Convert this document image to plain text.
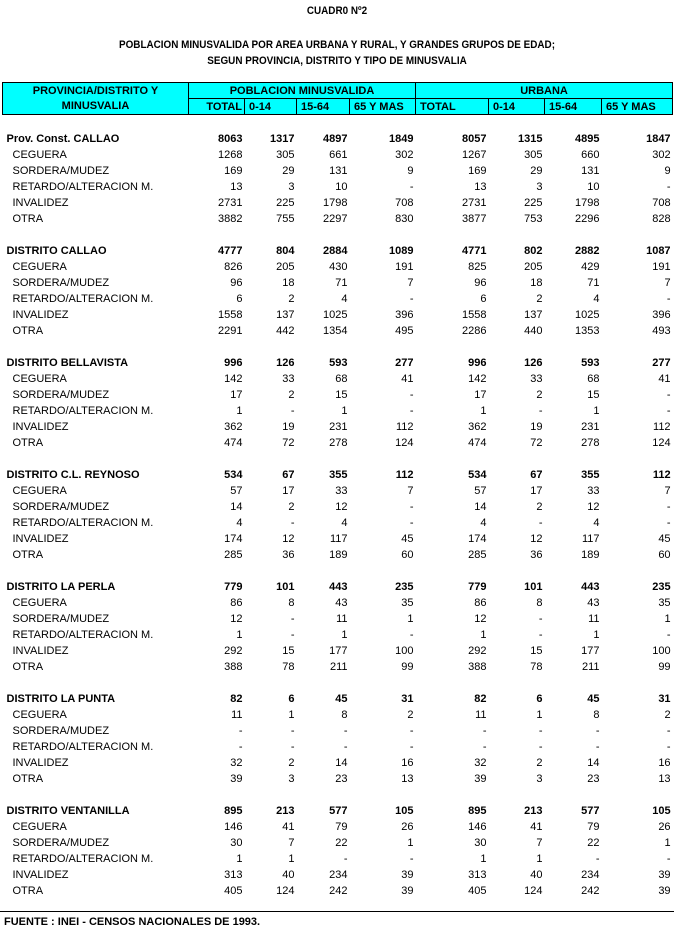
CUADR0 Nº2
POBLACION MINUSVALIDA POR AREA URBANA Y RURAL, Y GRANDES GRUPOS DE EDAD;
SEGUN PROVINCIA, DISTRITO Y TIPO DE MINUSVALIA
PROVINCIA/DISTRITO Y	POBLACION MINUSVALIDA				URBANA			
MINUSVALIA	TOTAL	0-14	15-64	65 Y MAS	TOTAL	0-14	15-64	65 Y MAS

Prov. Const. CALLAO	8063	1317	4897	1849	8057	1315	4895	1847
CEGUERA	1268	305	661	302	1267	305	660	302
SORDERA/MUDEZ	169	29	131	9	169	29	131	9
RETARDO/ALTERACION M.	13	3	10	-	13	3	10	-
INVALIDEZ	2731	225	1798	708	2731	225	1798	708
OTRA	3882	755	2297	830	3877	753	2296	828

DISTRITO CALLAO	4777	804	2884	1089	4771	802	2882	1087
CEGUERA	826	205	430	191	825	205	429	191
SORDERA/MUDEZ	96	18	71	7	96	18	71	7
RETARDO/ALTERACION M.	6	2	4	-	6	2	4	-
INVALIDEZ	1558	137	1025	396	1558	137	1025	396
OTRA	2291	442	1354	495	2286	440	1353	493

DISTRITO BELLAVISTA	996	126	593	277	996	126	593	277
CEGUERA	142	33	68	41	142	33	68	41
SORDERA/MUDEZ	17	2	15	-	17	2	15	-
RETARDO/ALTERACION M.	1	-	1	-	1	-	1	-
INVALIDEZ	362	19	231	112	362	19	231	112
OTRA	474	72	278	124	474	72	278	124

DISTRITO C.L. REYNOSO	534	67	355	112	534	67	355	112
CEGUERA	57	17	33	7	57	17	33	7
SORDERA/MUDEZ	14	2	12	-	14	2	12	-
RETARDO/ALTERACION M.	4	-	4	-	4	-	4	-
INVALIDEZ	174	12	117	45	174	12	117	45
OTRA	285	36	189	60	285	36	189	60

DISTRITO LA PERLA	779	101	443	235	779	101	443	235
CEGUERA	86	8	43	35	86	8	43	35
SORDERA/MUDEZ	12	-	11	1	12	-	11	1
RETARDO/ALTERACION M.	1	-	1	-	1	-	1	-
INVALIDEZ	292	15	177	100	292	15	177	100
OTRA	388	78	211	99	388	78	211	99

DISTRITO LA PUNTA	82	6	45	31	82	6	45	31
CEGUERA	11	1	8	2	11	1	8	2
SORDERA/MUDEZ	-	-	-	-	-	-	-	-
RETARDO/ALTERACION M.	-	-	-	-	-	-	-	-
INVALIDEZ	32	2	14	16	32	2	14	16
OTRA	39	3	23	13	39	3	23	13

DISTRITO VENTANILLA	895	213	577	105	895	213	577	105
CEGUERA	146	41	79	26	146	41	79	26
SORDERA/MUDEZ	30	7	22	1	30	7	22	1
RETARDO/ALTERACION M.	1	1	-	-	1	1	-	-
INVALIDEZ	313	40	234	39	313	40	234	39
OTRA	405	124	242	39	405	124	242	39
FUENTE : INEI - CENSOS NACIONALES DE 1993.
